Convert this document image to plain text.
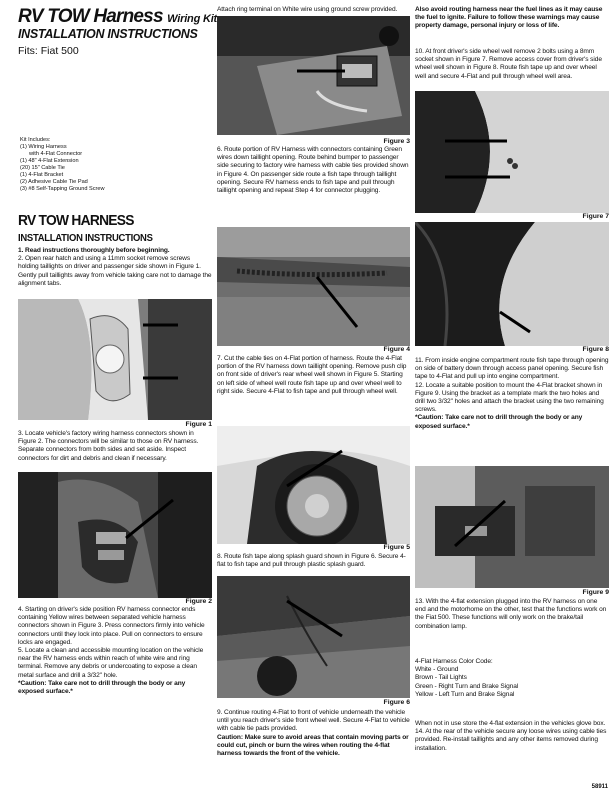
RV TOW Harness Wiring Kit
INSTALLATION INSTRUCTIONS
Fits: Fiat 500
Kit Includes:
(1) Wiring Harness
with 4-Flat Connector
(1) 48" 4-Flat Extension
(20) 15" Cable Tie
(1) 4-Flat Bracket
(2) Adhesive Cable Tie Pad
(3) #8 Self-Tapping Ground Screw
RV TOW HARNESS
INSTALLATION INSTRUCTIONS

1. Read instructions thoroughly before beginning.

2. Open rear hatch and using a 11mm socket remove screws holding taillights on driver and passenger side shown in Figure 1. Gently pull taillights away from vehicle taking care not to damage the alignment tabs.

Figure 1
3. Locate vehicle's factory wiring harness connectors shown in Figure 2. The connectors will be similar to those on RV harness. Separate connectors from both sides and set aside. Inspect connectors for dirt and debris and clean if necessary.
Figure 2

4. Starting on driver's side position RV harness connector ends containing Yellow wires between separated vehicle harness connectors shown in Figure 3. Press connectors firmly into vehicle connectors until they lock into place. Pull on connectors to ensure locks are engaged.

5. Locate a clean and accessible mounting location on the vehicle near the RV harness ends within reach of white wire and ring terminal. Remove any debris or undercoating to expose a clean metal surface and drill a 3/32" hole.

*Caution: Take care not to drill through the body or any exposed surface.*

Attach ring terminal on White wire using ground screw provided.
Figure 3
6. Route portion of RV Harness with connectors containing Green wires down taillight opening. Route behind bumper to passenger side securing to factory wire harness with cable ties provided shown in Figure 4. On passenger side route a fish tape through taillight opening. Secure RV harness ends to fish tape and pull through taillight opening and repeat Step 4 for connector plugging.
Figure 4
7. Cut the cable ties on 4-Flat portion of harness. Route the 4-Flat portion of the RV harness down taillight opening. Remove push clip on front side of driver's rear wheel well shown in Figure 5. Starting on left side of wheel well route fish tape up and over wheel well to right side. Secure 4-Flat to fish tape and pull through wheel well.
Figure 5
8. Route fish tape along splash guard shown in Figure 6. Secure 4-flat to fish tape and pull through plastic splash guard.
Figure 6

9. Continue routing 4-Flat to front of vehicle underneath the vehicle until you reach driver's side front wheel well. Secure 4-Flat to vehicle with cable tie pads provided.

Caution: Make sure to avoid areas that contain moving parts or could cut, pinch or burn the wires when routing the 4-flat harness towards the front of the vehicle.

Also avoid routing harness near the fuel lines as it may cause the fuel to ignite. Failure to follow these warnings may cause property damage, personal injury or loss of life.
10. At front driver's side wheel well remove 2 bolts using a 8mm socket shown in Figure 7. Remove access cover from driver's side wheel well shown in Figure 8. Route fish tape up and over wheel well and secure 4-Flat and pull through wheel well area.
Figure 7
Figure 8

11. From inside engine compartment route fish tape through opening on side of battery down through access panel opening. Secure fish tape to 4-Flat and pull up into engine compartment.

12. Locate a suitable position to mount the 4-Flat bracket shown in Figure 9. Using the bracket as a template mark the two holes and drill two 3/32" holes and attach the bracket using the two remaining screws.

*Caution: Take care not to drill through the body or any exposed surface.*

Figure 9
13. With the 4-flat extension plugged into the RV harness on one end and the motorhome on the other, test that the functions work on the Fiat 500. These functions will only work on the brake/tail combination lamp.

4-Flat Harness Color Code:

White - Ground

Brown - Tail Lights

Green - Right Turn and Brake Signal

Yellow - Left Turn and Brake Signal

When not in use store the 4-flat extension in the vehicles glove box.

14. At the rear of the vehicle secure any loose wires using cable ties provided. Re-install taillights and any other items removed during installation.

58911
